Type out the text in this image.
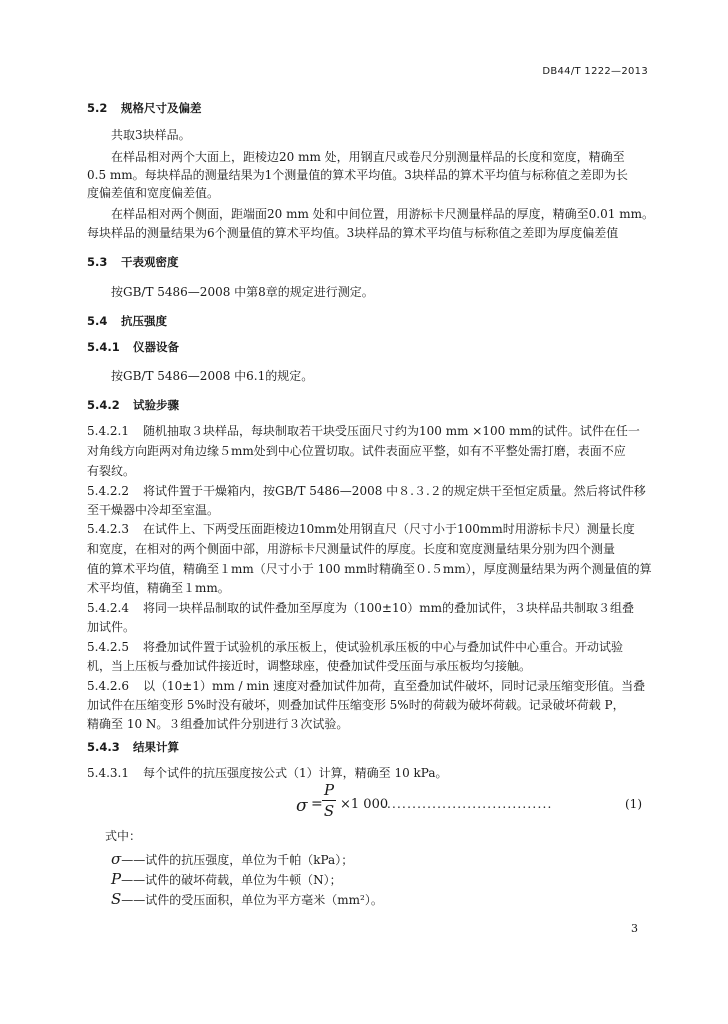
DB44/T 1222—2013
5.2 规格尺寸及偏差
共取3块样品。
在样品相对两个大面上，距棱边20 mm 处，用钢直尺或卷尺分别测量样品的长度和宽度，精确至
0.5 mm。每块样品的测量结果为1个测量值的算术平均值。3块样品的算术平均值与标称值之差即为长
度偏差值和宽度偏差值。
在样品相对两个侧面，距端面20 mm 处和中间位置，用游标卡尺测量样品的厚度，精确至0.01 mm。
每块样品的测量结果为6个测量值的算术平均值。3块样品的算术平均值与标称值之差即为厚度偏差值
5.3 干表观密度
按GB/T 5486—2008 中第8章的规定进行测定。
5.4 抗压强度
5.4.1 仪器设备
按GB/T 5486—2008 中6.1的规定。
5.4.2 试验步骤
5.4.2.1 随机抽取３块样品，每块制取若干块受压面尺寸约为100 mm ×100 mm的试件。试件在任一
对角线方向距两对角边缘５mm处到中心位置切取。试件表面应平整，如有不平整处需打磨，表面不应
有裂纹。
5.4.2.2 将试件置于干燥箱内，按GB/T 5486—2008 中８.３.２的规定烘干至恒定质量。然后将试件移
至干燥器中冷却至室温。
5.4.2.3 在试件上、下两受压面距棱边10mm处用钢直尺（尺寸小于100mm时用游标卡尺）测量长度
和宽度，在相对的两个侧面中部，用游标卡尺测量试件的厚度。长度和宽度测量结果分别为四个测量
值的算术平均值，精确至１mm（尺寸小于 100 mm时精确至０.５mm），厚度测量结果为两个测量值的算
术平均值，精确至１mm。
5.4.2.4 将同一块样品制取的试件叠加至厚度为（100±10）mm的叠加试件，３块样品共制取３组叠
加试件。
5.4.2.5 将叠加试件置于试验机的承压板上，使试验机承压板的中心与叠加试件中心重合。开动试验
机，当上压板与叠加试件接近时，调整球座，使叠加试件受压面与承压板均匀接触。
5.4.2.6 以（10±1）mm / min 速度对叠加试件加荷，直至叠加试件破坏，同时记录压缩变形值。当叠
加试件在压缩变形 5%时没有破坏，则叠加试件压缩变形 5%时的荷载为破坏荷载。记录破坏荷载 P，
精确至 10 N。３组叠加试件分别进行３次试验。
5.4.3 结果计算
5.4.3.1 每个试件的抗压强度按公式（1）计算，精确至 10 kPa。
σ =
P
S ×1 000
..................................	(1)
式中：
σ——试件的抗压强度，单位为千帕（kPa）；
P——试件的破坏荷载，单位为牛顿（N）；
S——试件的受压面积，单位为平方毫米（mm²）。
3
